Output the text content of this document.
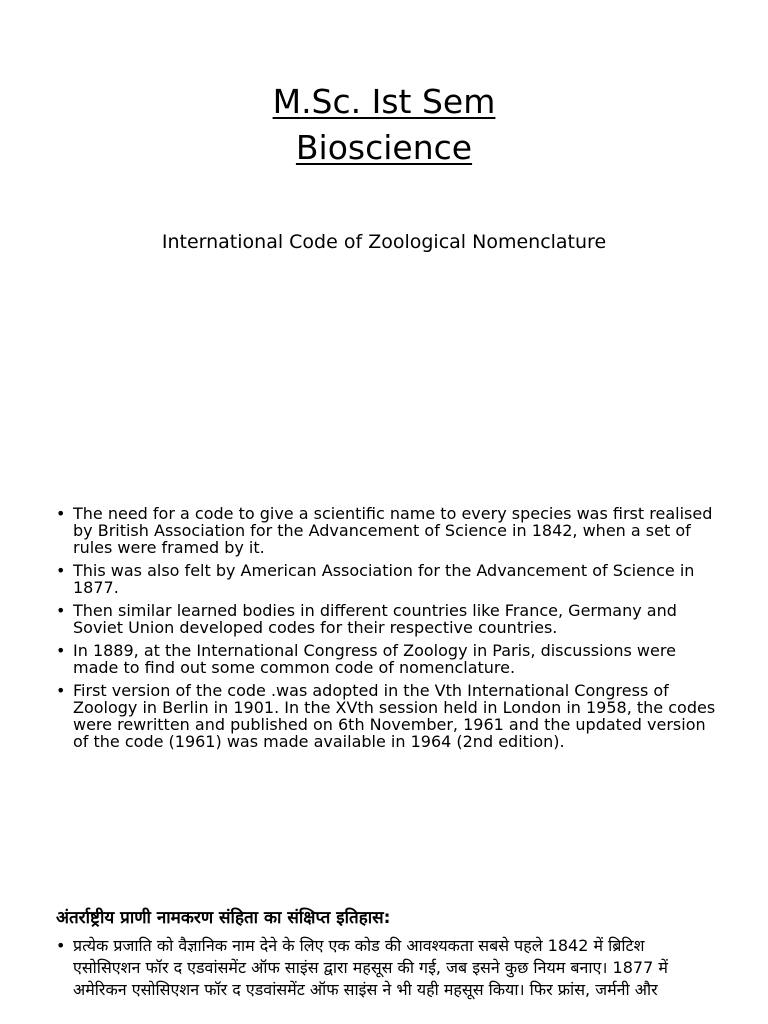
M.Sc. Ist Sem
Bioscience

International Code of Zoological Nomenclature

• The need for a code to give a scientific name to every species was first realised by British Association for the Advancement of Science in 1842, when a set of rules were framed by it.
• This was also felt by American Association for the Advancement of Science in 1877.
• Then similar learned bodies in different countries like France, Germany and Soviet Union developed codes for their respective countries.
• In 1889, at the International Congress of Zoology in Paris, discussions were made to find out some common code of nomenclature.
• First version of the code .was adopted in the Vth International Congress of Zoology in Berlin in 1901. In the XVth session held in London in 1958, the codes were rewritten and published on 6th November, 1961 and the updated version of the code (1961) was made available in 1964 (2nd edition).

अंतर्राष्ट्रीय प्राणी नामकरण संहिता का संक्षिप्त इतिहास:

• प्रत्येक प्रजाति को वैज्ञानिक नाम देने के लिए एक कोड की आवश्यकता सबसे पहले 1842 में ब्रिटिश एसोसिएशन फॉर द एडवांसमेंट ऑफ साइंस द्वारा महसूस की गई, जब इसने कुछ नियम बनाए। 1877 में अमेरिकन एसोसिएशन फॉर द एडवांसमेंट ऑफ साइंस ने भी यही महसूस किया। फिर फ्रांस, जर्मनी और
